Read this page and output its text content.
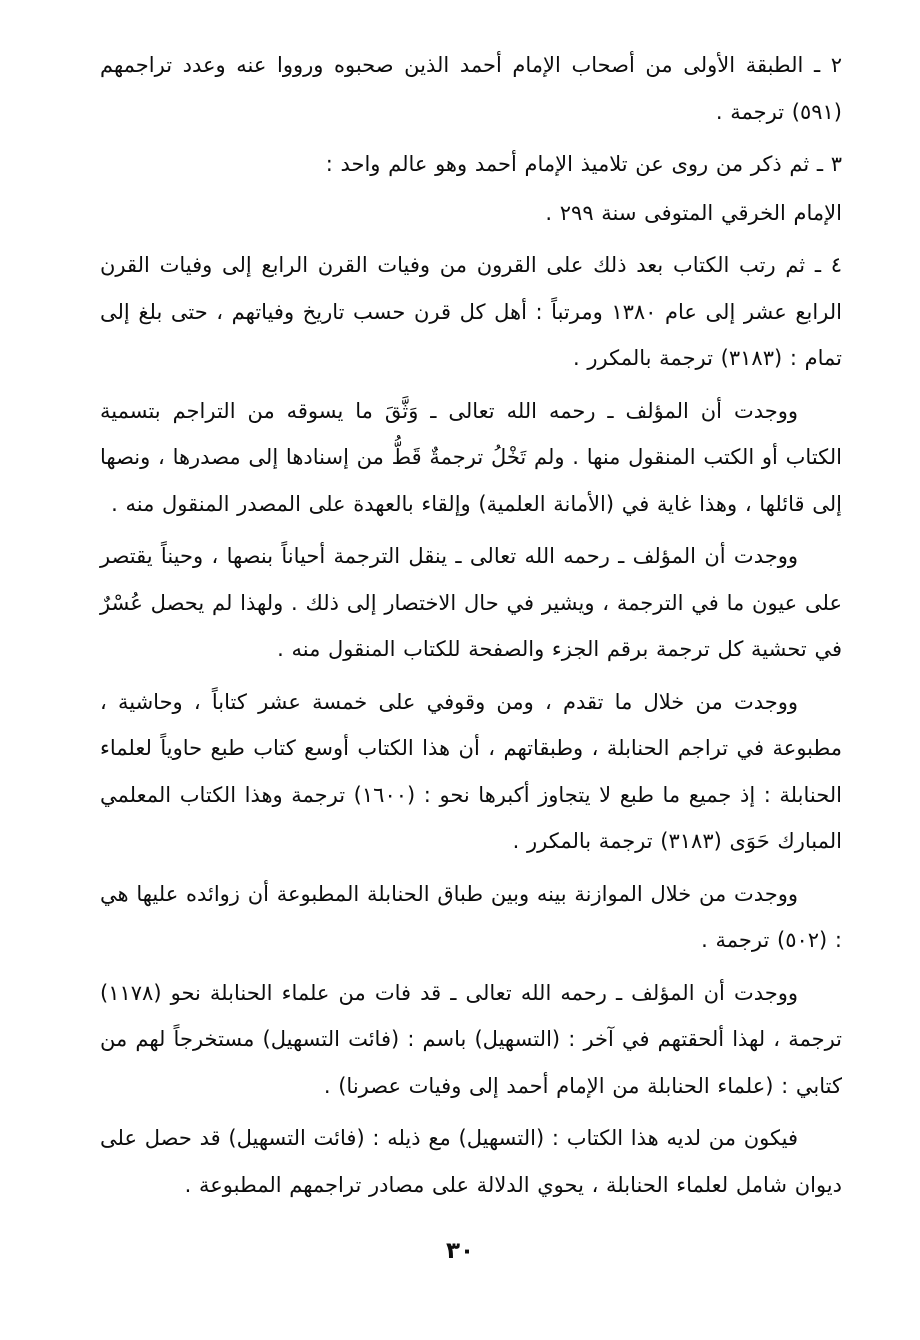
٢ ـ الطبقة الأولى من أصحاب الإمام أحمد الذين صحبوه ورووا عنه وعدد تراجمهم (٥٩١) ترجمة .

٣ ـ ثم ذكر من روى عن تلاميذ الإمام أحمد وهو عالم واحد :

الإمام الخرقي المتوفى سنة ٢٩٩ .

٤ ـ ثم رتب الكتاب بعد ذلك على القرون من وفيات القرن الرابع إلى وفيات القرن الرابع عشر إلى عام ١٣٨٠ ومرتباً : أهل كل قرن حسب تاريخ وفياتهم ، حتى بلغ إلى تمام : (٣١٨٣) ترجمة بالمكرر .

ووجدت أن المؤلف ـ رحمه الله تعالى ـ وَثَّقَ ما يسوقه من التراجم بتسمية الكتاب أو الكتب المنقول منها . ولم تَخْلُ ترجمةٌ قَطُّ من إسنادها إلى مصدرها ، ونصها إلى قائلها ، وهذا غاية في (الأمانة العلمية) وإلقاء بالعهدة على المصدر المنقول منه .

ووجدت أن المؤلف ـ رحمه الله تعالى ـ ينقل الترجمة أحياناً بنصها ، وحيناً يقتصر على عيون ما في الترجمة ، ويشير في حال الاختصار إلى ذلك . ولهذا لم يحصل عُسْرٌ في تحشية كل ترجمة برقم الجزء والصفحة للكتاب المنقول منه .

ووجدت من خلال ما تقدم ، ومن وقوفي على خمسة عشر كتاباً ، وحاشية ، مطبوعة في تراجم الحنابلة ، وطبقاتهم ، أن هذا الكتاب أوسع كتاب طبع حاوياً لعلماء الحنابلة : إذ جميع ما طبع لا يتجاوز أكبرها نحو : (١٦٠٠) ترجمة وهذا الكتاب المعلمي المبارك حَوَى (٣١٨٣) ترجمة بالمكرر .

ووجدت من خلال الموازنة بينه وبين طباق الحنابلة المطبوعة أن زوائده عليها هي : (٥٠٢) ترجمة .

ووجدت أن المؤلف ـ رحمه الله تعالى ـ قد فات من علماء الحنابلة نحو (١١٧٨) ترجمة ، لهذا ألحقتهم في آخر : (التسهيل) باسم : (فائت التسهيل) مستخرجاً لهم من كتابي : (علماء الحنابلة من الإمام أحمد إلى وفيات عصرنا) .

فيكون من لديه هذا الكتاب : (التسهيل) مع ذيله : (فائت التسهيل) قد حصل على ديوان شامل لعلماء الحنابلة ، يحوي الدلالة على مصادر تراجمهم المطبوعة .

٣٠
